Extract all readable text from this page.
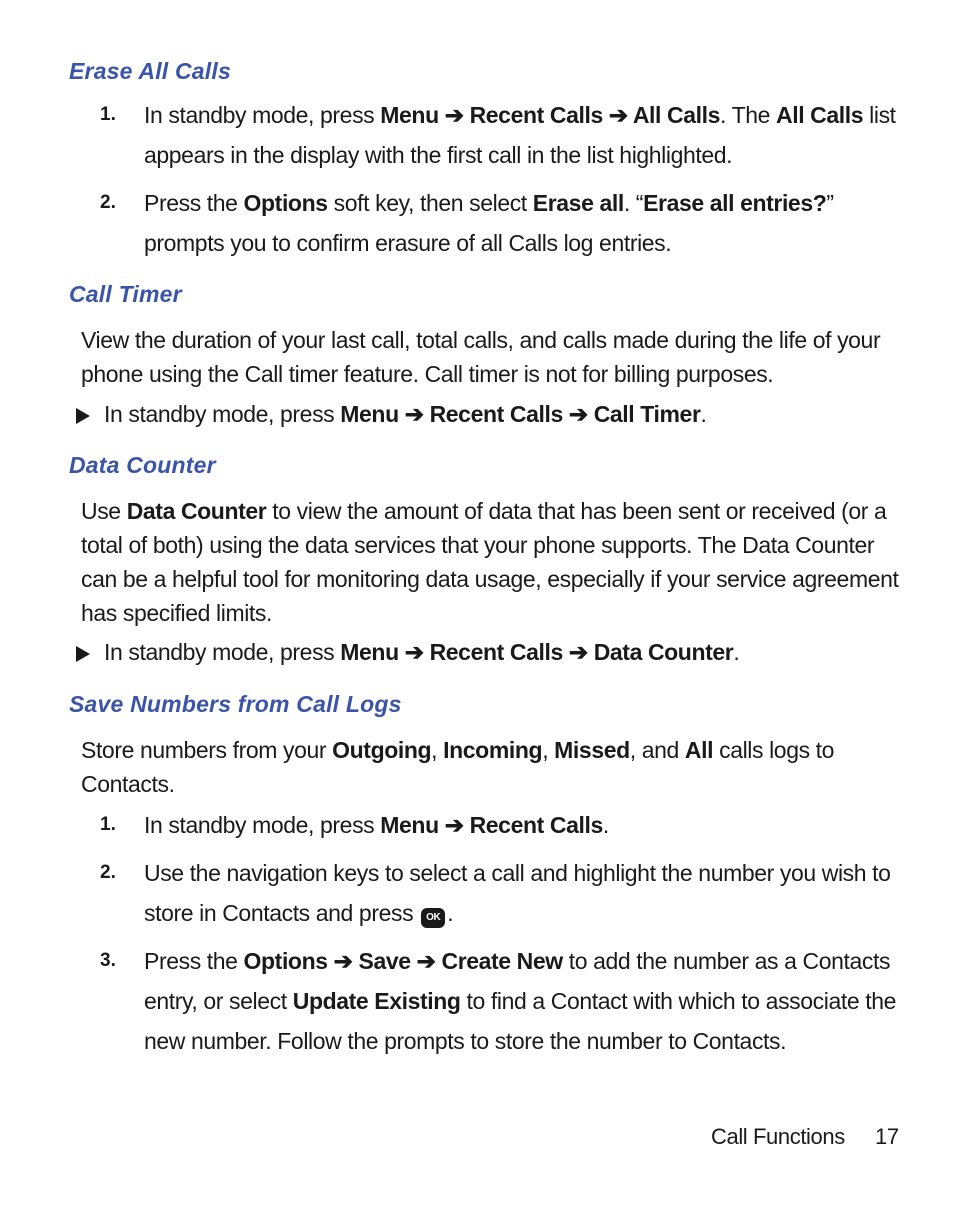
Erase All Calls
1. In standby mode, press Menu ➔ Recent Calls ➔ All Calls. The All Calls list appears in the display with the first call in the list highlighted.
2. Press the Options soft key, then select Erase all. “Erase all entries?” prompts you to confirm erasure of all Calls log entries.
Call Timer
View the duration of your last call, total calls, and calls made during the life of your phone using the Call timer feature. Call timer is not for billing purposes.
In standby mode, press Menu ➔ Recent Calls ➔ Call Timer.
Data Counter
Use Data Counter to view the amount of data that has been sent or received (or a total of both) using the data services that your phone supports. The Data Counter can be a helpful tool for monitoring data usage, especially if your service agreement has specified limits.
In standby mode, press Menu ➔ Recent Calls ➔ Data Counter.
Save Numbers from Call Logs
Store numbers from your Outgoing, Incoming, Missed, and All calls logs to Contacts.
1. In standby mode, press Menu ➔ Recent Calls.
2. Use the navigation keys to select a call and highlight the number you wish to store in Contacts and press OK .
3. Press the Options ➔ Save ➔ Create New to add the number as a Contacts entry, or select Update Existing to find a Contact with which to associate the new number. Follow the prompts to store the number to Contacts.
Call Functions 17
